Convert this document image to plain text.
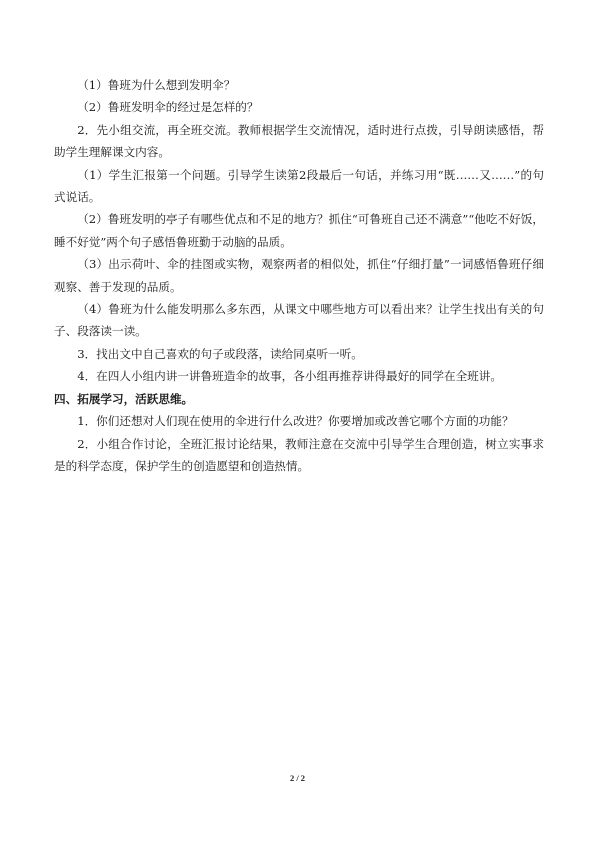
（1）鲁班为什么想到发明伞？

（2）鲁班发明伞的经过是怎样的？

2．先小组交流，再全班交流。教师根据学生交流情况，适时进行点拨，引导朗读感悟，帮助学生理解课文内容。

（1）学生汇报第一个问题。引导学生读第2段最后一句话，并练习用“既……又……”的句式说话。

（2）鲁班发明的亭子有哪些优点和不足的地方？抓住“可鲁班自己还不满意”“他吃不好饭，睡不好觉”两个句子感悟鲁班勤于动脑的品质。

（3）出示荷叶、伞的挂图或实物，观察两者的相似处，抓住“仔细打量”一词感悟鲁班仔细观察、善于发现的品质。

（4）鲁班为什么能发明那么多东西，从课文中哪些地方可以看出来？让学生找出有关的句子、段落读一读。

3．找出文中自己喜欢的句子或段落，读给同桌听一听。

4．在四人小组内讲一讲鲁班造伞的故事，各小组再推荐讲得最好的同学在全班讲。

四、拓展学习，活跃思维。

1．你们还想对人们现在使用的伞进行什么改进？你要增加或改善它哪个方面的功能？

2．小组合作讨论，全班汇报讨论结果，教师注意在交流中引导学生合理创造，树立实事求是的科学态度，保护学生的创造愿望和创造热情。

2 / 2
